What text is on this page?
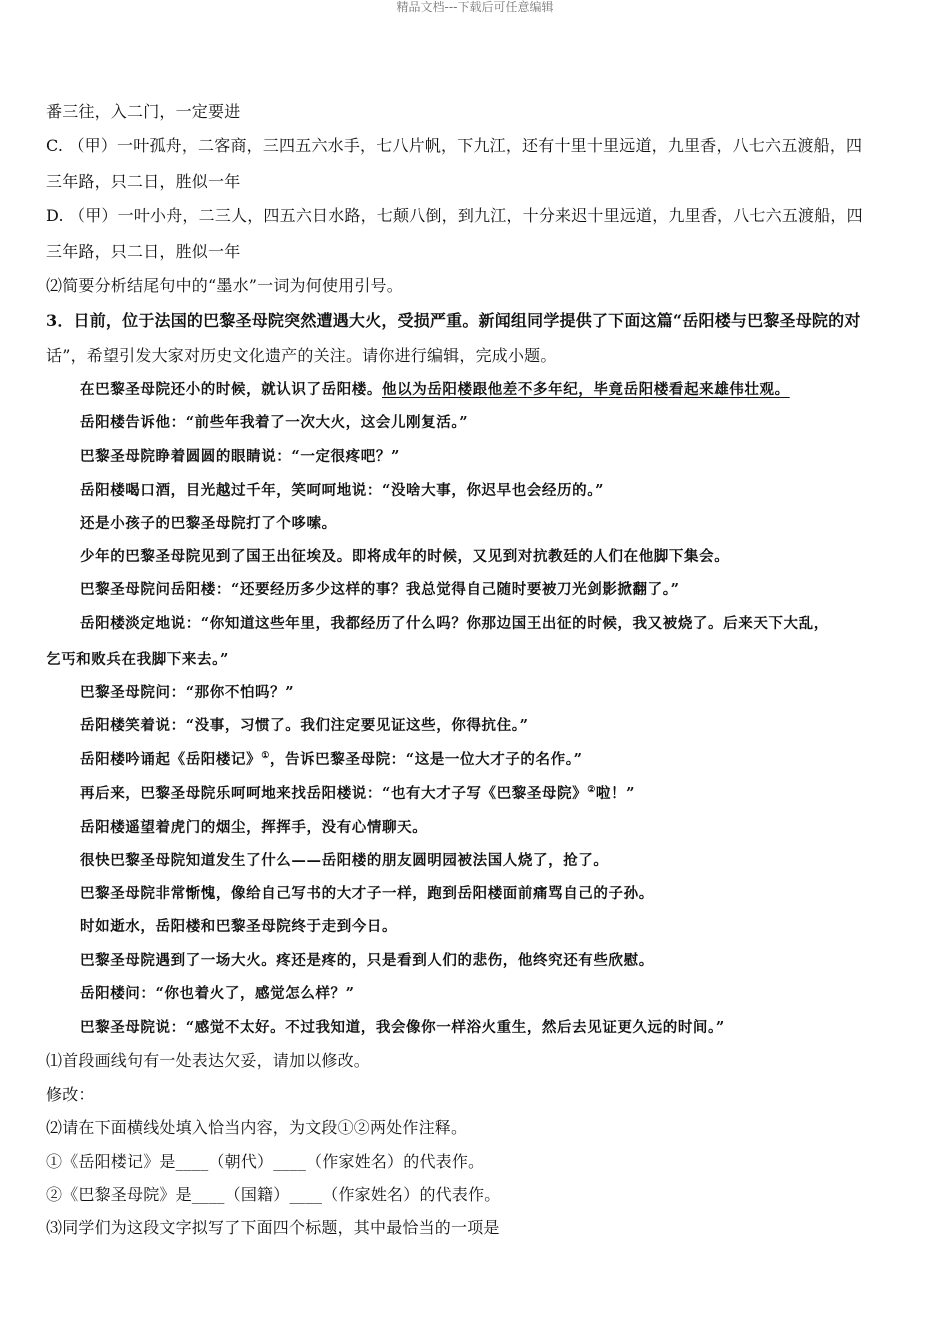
精品文档---下载后可任意编辑
番三往，入二门，一定要进
C. （甲）一叶孤舟，二客商，三四五六水手，七八片帆，下九江，还有十里十里远道，九里香，八七六五渡船，四
三年路，只二日，胜似一年
D. （甲）一叶小舟，二三人，四五六日水路，七颠八倒，到九江，十分来迟十里远道，九里香，八七六五渡船，四
三年路，只二日，胜似一年
⑵简要分析结尾句中的“墨水”一词为何使用引号。
3．日前，位于法国的巴黎圣母院突然遭遇大火，受损严重。新闻组同学提供了下面这篇“岳阳楼与巴黎圣母院的对
话”，希望引发大家对历史文化遗产的关注。请你进行编辑，完成小题。
在巴黎圣母院还小的时候，就认识了岳阳楼。他以为岳阳楼跟他差不多年纪，毕竟岳阳楼看起来雄伟壮观。
岳阳楼告诉他：“前些年我着了一次大火，这会儿刚复活。”
巴黎圣母院睁着圆圆的眼睛说：“一定很疼吧？”
岳阳楼喝口酒，目光越过千年，笑呵呵地说：“没啥大事，你迟早也会经历的。”
还是小孩子的巴黎圣母院打了个哆嗦。
少年的巴黎圣母院见到了国王出征埃及。即将成年的时候，又见到对抗教廷的人们在他脚下集会。
巴黎圣母院问岳阳楼：“还要经历多少这样的事？我总觉得自己随时要被刀光剑影掀翻了。”
岳阳楼淡定地说：“你知道这些年里，我都经历了什么吗？你那边国王出征的时候，我又被烧了。后来天下大乱，
乞丐和败兵在我脚下来去。”
巴黎圣母院问：“那你不怕吗？”
岳阳楼笑着说：“没事，习惯了。我们注定要见证这些，你得抗住。”
岳阳楼吟诵起《岳阳楼记》①，告诉巴黎圣母院：“这是一位大才子的名作。”
再后来，巴黎圣母院乐呵呵地来找岳阳楼说：“也有大才子写《巴黎圣母院》②啦！”
岳阳楼遥望着虎门的烟尘，挥挥手，没有心情聊天。
很快巴黎圣母院知道发生了什么——岳阳楼的朋友圆明园被法国人烧了，抢了。
巴黎圣母院非常惭愧，像给自己写书的大才子一样，跑到岳阳楼面前痛骂自己的子孙。
时如逝水，岳阳楼和巴黎圣母院终于走到今日。
巴黎圣母院遇到了一场大火。疼还是疼的，只是看到人们的悲伤，他终究还有些欣慰。
岳阳楼问：“你也着火了，感觉怎么样？”
巴黎圣母院说：“感觉不太好。不过我知道，我会像你一样浴火重生，然后去见证更久远的时间。”
⑴首段画线句有一处表达欠妥，请加以修改。
修改：
⑵请在下面横线处填入恰当内容，为文段①②两处作注释。
①《岳阳楼记》是____（朝代）____（作家姓名）的代表作。
②《巴黎圣母院》是____（国籍）____（作家姓名）的代表作。
⑶同学们为这段文字拟写了下面四个标题，其中最恰当的一项是
